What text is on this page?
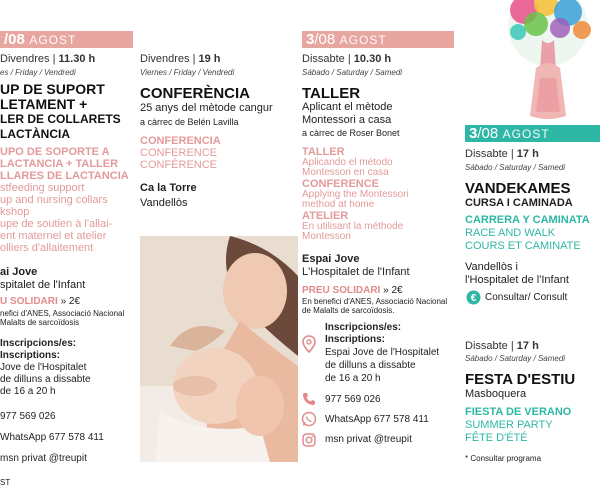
/08 AGOST
Divendres | 11.30 h
es / Friday / Vendredi
UP DE SUPORT
LETAMENT +
LER DE COLLARETS
LACTÀNCIA
UPO DE SOPORTE A
LACTANCIA + TALLER
LLARES DE LACTANCIA
stfeeding support
up and nursing collars
kshop
upe de soutien à l'allai-
ent maternel et atelier
olliers d'allaitement
ai Jove
spitalet de l'Infant
U SOLIDARI » 2€
nefici d'ANES, Associació Nacional
Malalts de sarcoïdosis
Inscripcions/es:
Inscriptions:
Jove de l'Hospitalet
de dilluns a dissabte
de 16 a 20 h
977 569 026
WhatsApp 677 578 411
msn privat @treupit
ST
Divendres | 19 h
Viernes / Friday / Vendredi
CONFERÈNCIA
25 anys del mètode cangur
a càrrec de Belén Lavilla
CONFERENCIA
CONFERENCE
CONFÉRENCE
Ca la Torre
Vandellòs
3/08 AGOST
Dissabte | 10.30 h
Sábado / Saturday / Samedi
TALLER
Aplicant el mètode
Montessori a casa
a càrrec de Roser Bonet
TALLER
Aplicando el método
Montessori en casa
CONFERENCE
Applying the Montessori
method at home
ATELIER
En utilisant la méthode
Montessori
Espai Jove
L'Hospitalet de l'Infant
PREU SOLIDARI » 2€
En benefici d'ANES, Associació Nacional
de Malalts de sarcoïdosis.
Inscripcions/es:
Inscriptions:
Espai Jove de l'Hospitalet
de dilluns a dissabte
de 16 a 20 h
977 569 026
WhatsApp 677 578 411
msn privat @treupit
3/08 AGOST
Dissabte | 17 h
Sábado / Saturday / Samedi
VANDEKAMES
CURSA I CAMINADA
CARRERA Y CAMINATA
RACE AND WALK
COURS ET CAMINATE
Vandellòs i
l'Hospitalet de l'Infant
€ Consultar/ Consult
Dissabte | 17 h
Sábado / Saturday / Samedi
FESTA D'ESTIU
Masboquera
FIESTA DE VERANO
SUMMER PARTY
FÊTE D'ÉTÉ
* Consultar programa
